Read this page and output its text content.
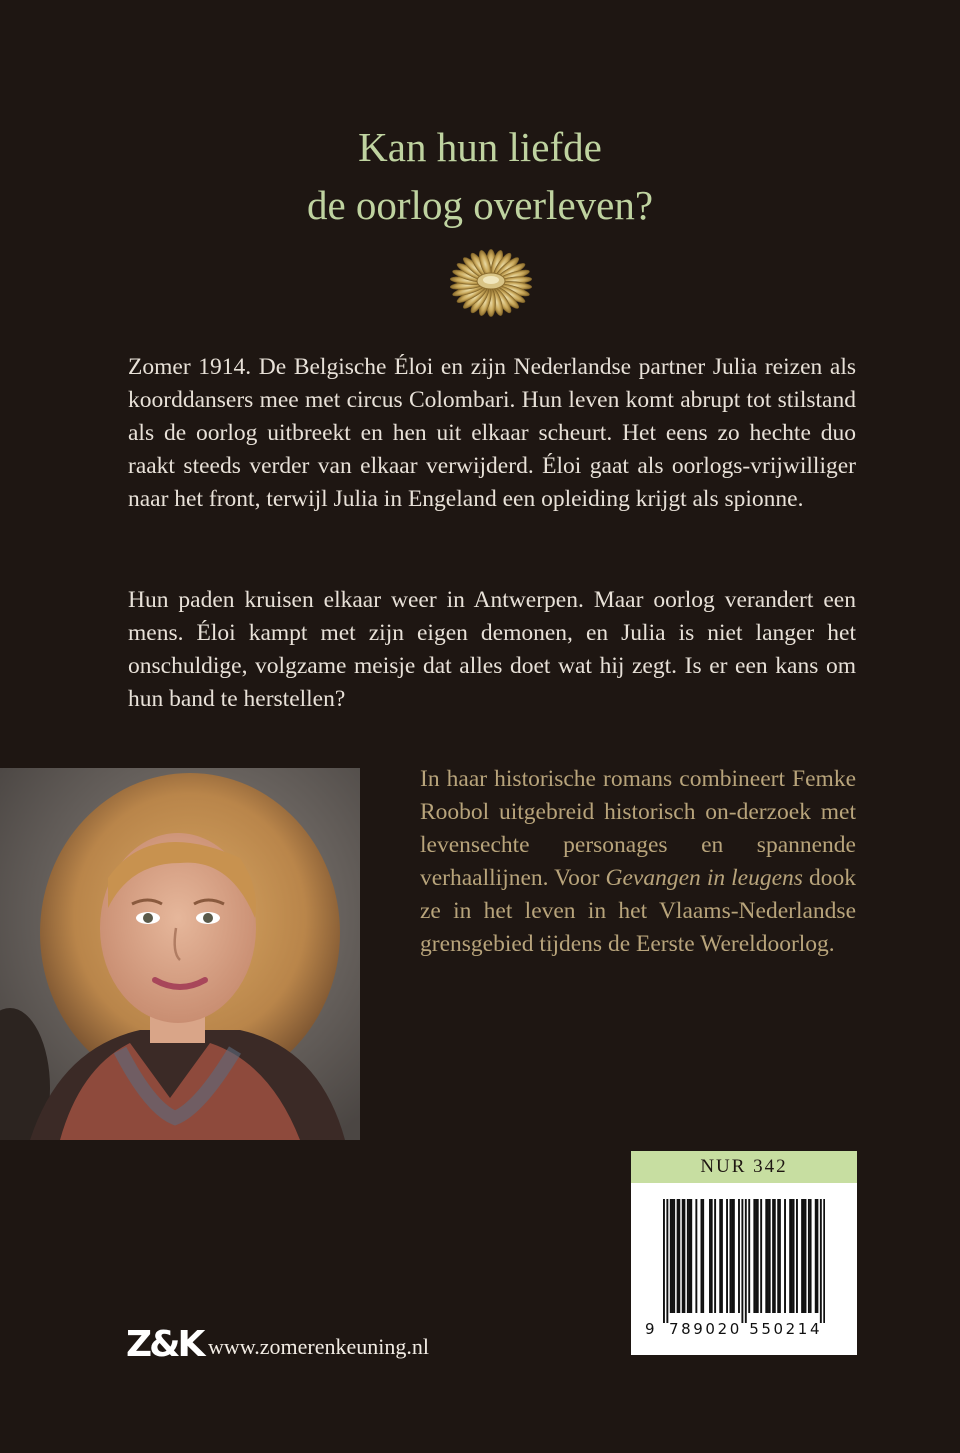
Kan hun liefde
de oorlog overleven?

Zomer 1914. De Belgische Éloi en zijn Nederlandse partner Julia reizen als koorddansers mee met circus Colombari. Hun leven komt abrupt tot stilstand als de oorlog uitbreekt en hen uit elkaar scheurt. Het eens zo hechte duo raakt steeds verder van elkaar verwijderd. Éloi gaat als oorlogs-vrijwilliger naar het front, terwijl Julia in Engeland een opleiding krijgt als spionne.

Hun paden kruisen elkaar weer in Antwerpen. Maar oorlog verandert een mens. Éloi kampt met zijn eigen demonen, en Julia is niet langer het onschuldige, volgzame meisje dat alles doet wat hij zegt. Is er een kans om hun band te herstellen?

In haar historische romans combineert Femke Roobol uitgebreid historisch on-derzoek met levensechte personages en spannende verhaallijnen. Voor Gevangen in leugens dook ze in het leven in het Vlaams-Nederlandse grensgebied tijdens de Eerste Wereldoorlog.

NUR 342
9 789020 550214
Z&K www.zomerenkeuning.nl
